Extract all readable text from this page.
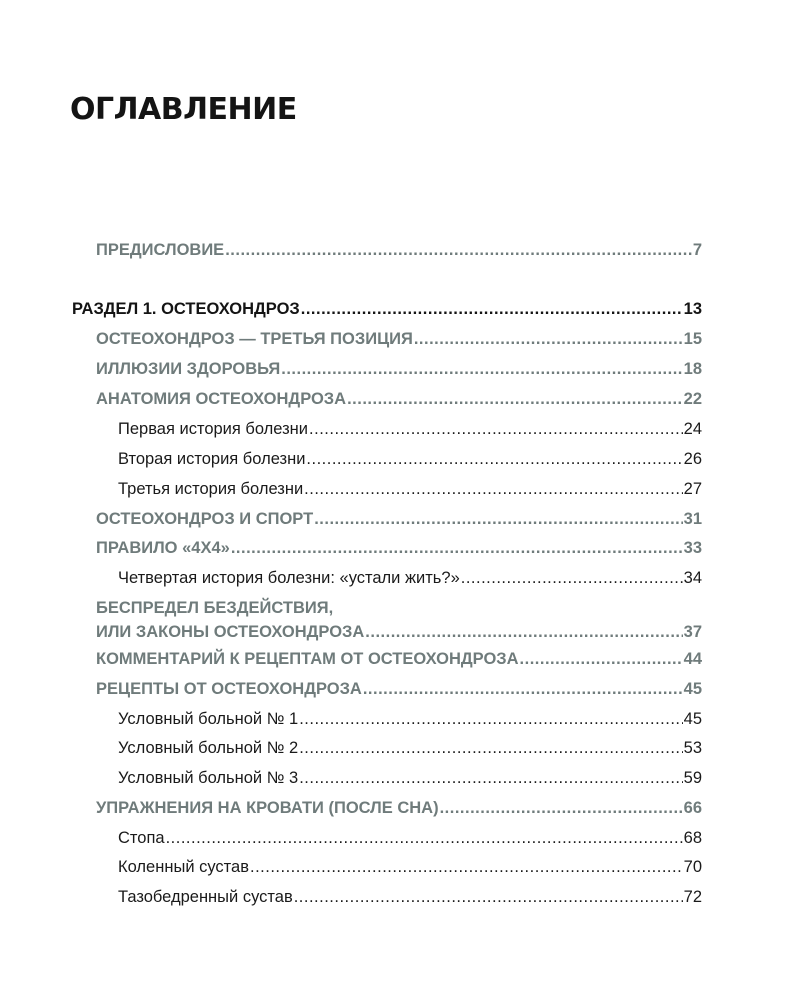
ОГЛАВЛЕНИЕ
ПРЕДИСЛОВИЕ .....	7
РАЗДЕЛ 1. ОСТЕОХОНДРОЗ .....	13
ОСТЕОХОНДРОЗ — ТРЕТЬЯ ПОЗИЦИЯ .....	15
ИЛЛЮЗИИ ЗДОРОВЬЯ .....	18
АНАТОМИЯ ОСТЕОХОНДРОЗА .....	22
Первая история болезни .....	24
Вторая история болезни .....	26
Третья история болезни .....	27
ОСТЕОХОНДРОЗ И СПОРТ .....	31
ПРАВИЛО «4Х4» .....	33
Четвертая история болезни: «устали жить?» .....	34
БЕСПРЕДЕЛ БЕЗДЕЙСТВИЯ,
ИЛИ ЗАКОНЫ ОСТЕОХОНДРОЗА .....	37
КОММЕНТАРИЙ К РЕЦЕПТАМ ОТ ОСТЕОХОНДРОЗА .....	44
РЕЦЕПТЫ ОТ ОСТЕОХОНДРОЗА .....	45
Условный больной № 1 .....	45
Условный больной № 2 .....	53
Условный больной № 3 .....	59
УПРАЖНЕНИЯ НА КРОВАТИ (ПОСЛЕ СНА) .....	66
Стопа .....	68
Коленный сустав .....	70
Тазобедренный сустав .....	72
